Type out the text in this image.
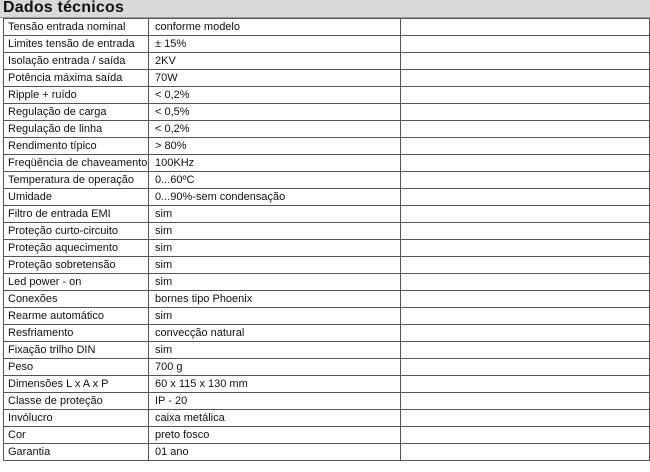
Dados técnicos
Tensão entrada nominal	conforme modelo	
Limites tensão de entrada	± 15%	
Isolação entrada / saída	2KV	
Potência máxima saída	70W	
Ripple + ruído	< 0,2%	
Regulação de carga	< 0,5%	
Regulação de linha	< 0,2%	
Rendimento típico	> 80%	
Freqüência de chaveamento	100KHz	
Temperatura de operação	0...60ºC	
Umidade	0...90%-sem condensação	
Filtro de entrada EMI	sim	
Proteção curto-circuito	sim	
Proteção aquecimento	sim	
Proteção sobretensão	sim	
Led power - on	sim	
Conexões	bornes tipo Phoenix	
Rearme automático	sim	
Resfriamento	convecção natural	
Fixação trilho DIN	sim	
Peso	700 g	
Dimensões L x A x P	60 x 115 x 130 mm	
Classe de proteção	IP - 20	
Invólucro	caixa metálica	
Cor	preto fosco	
Garantia	01 ano	
